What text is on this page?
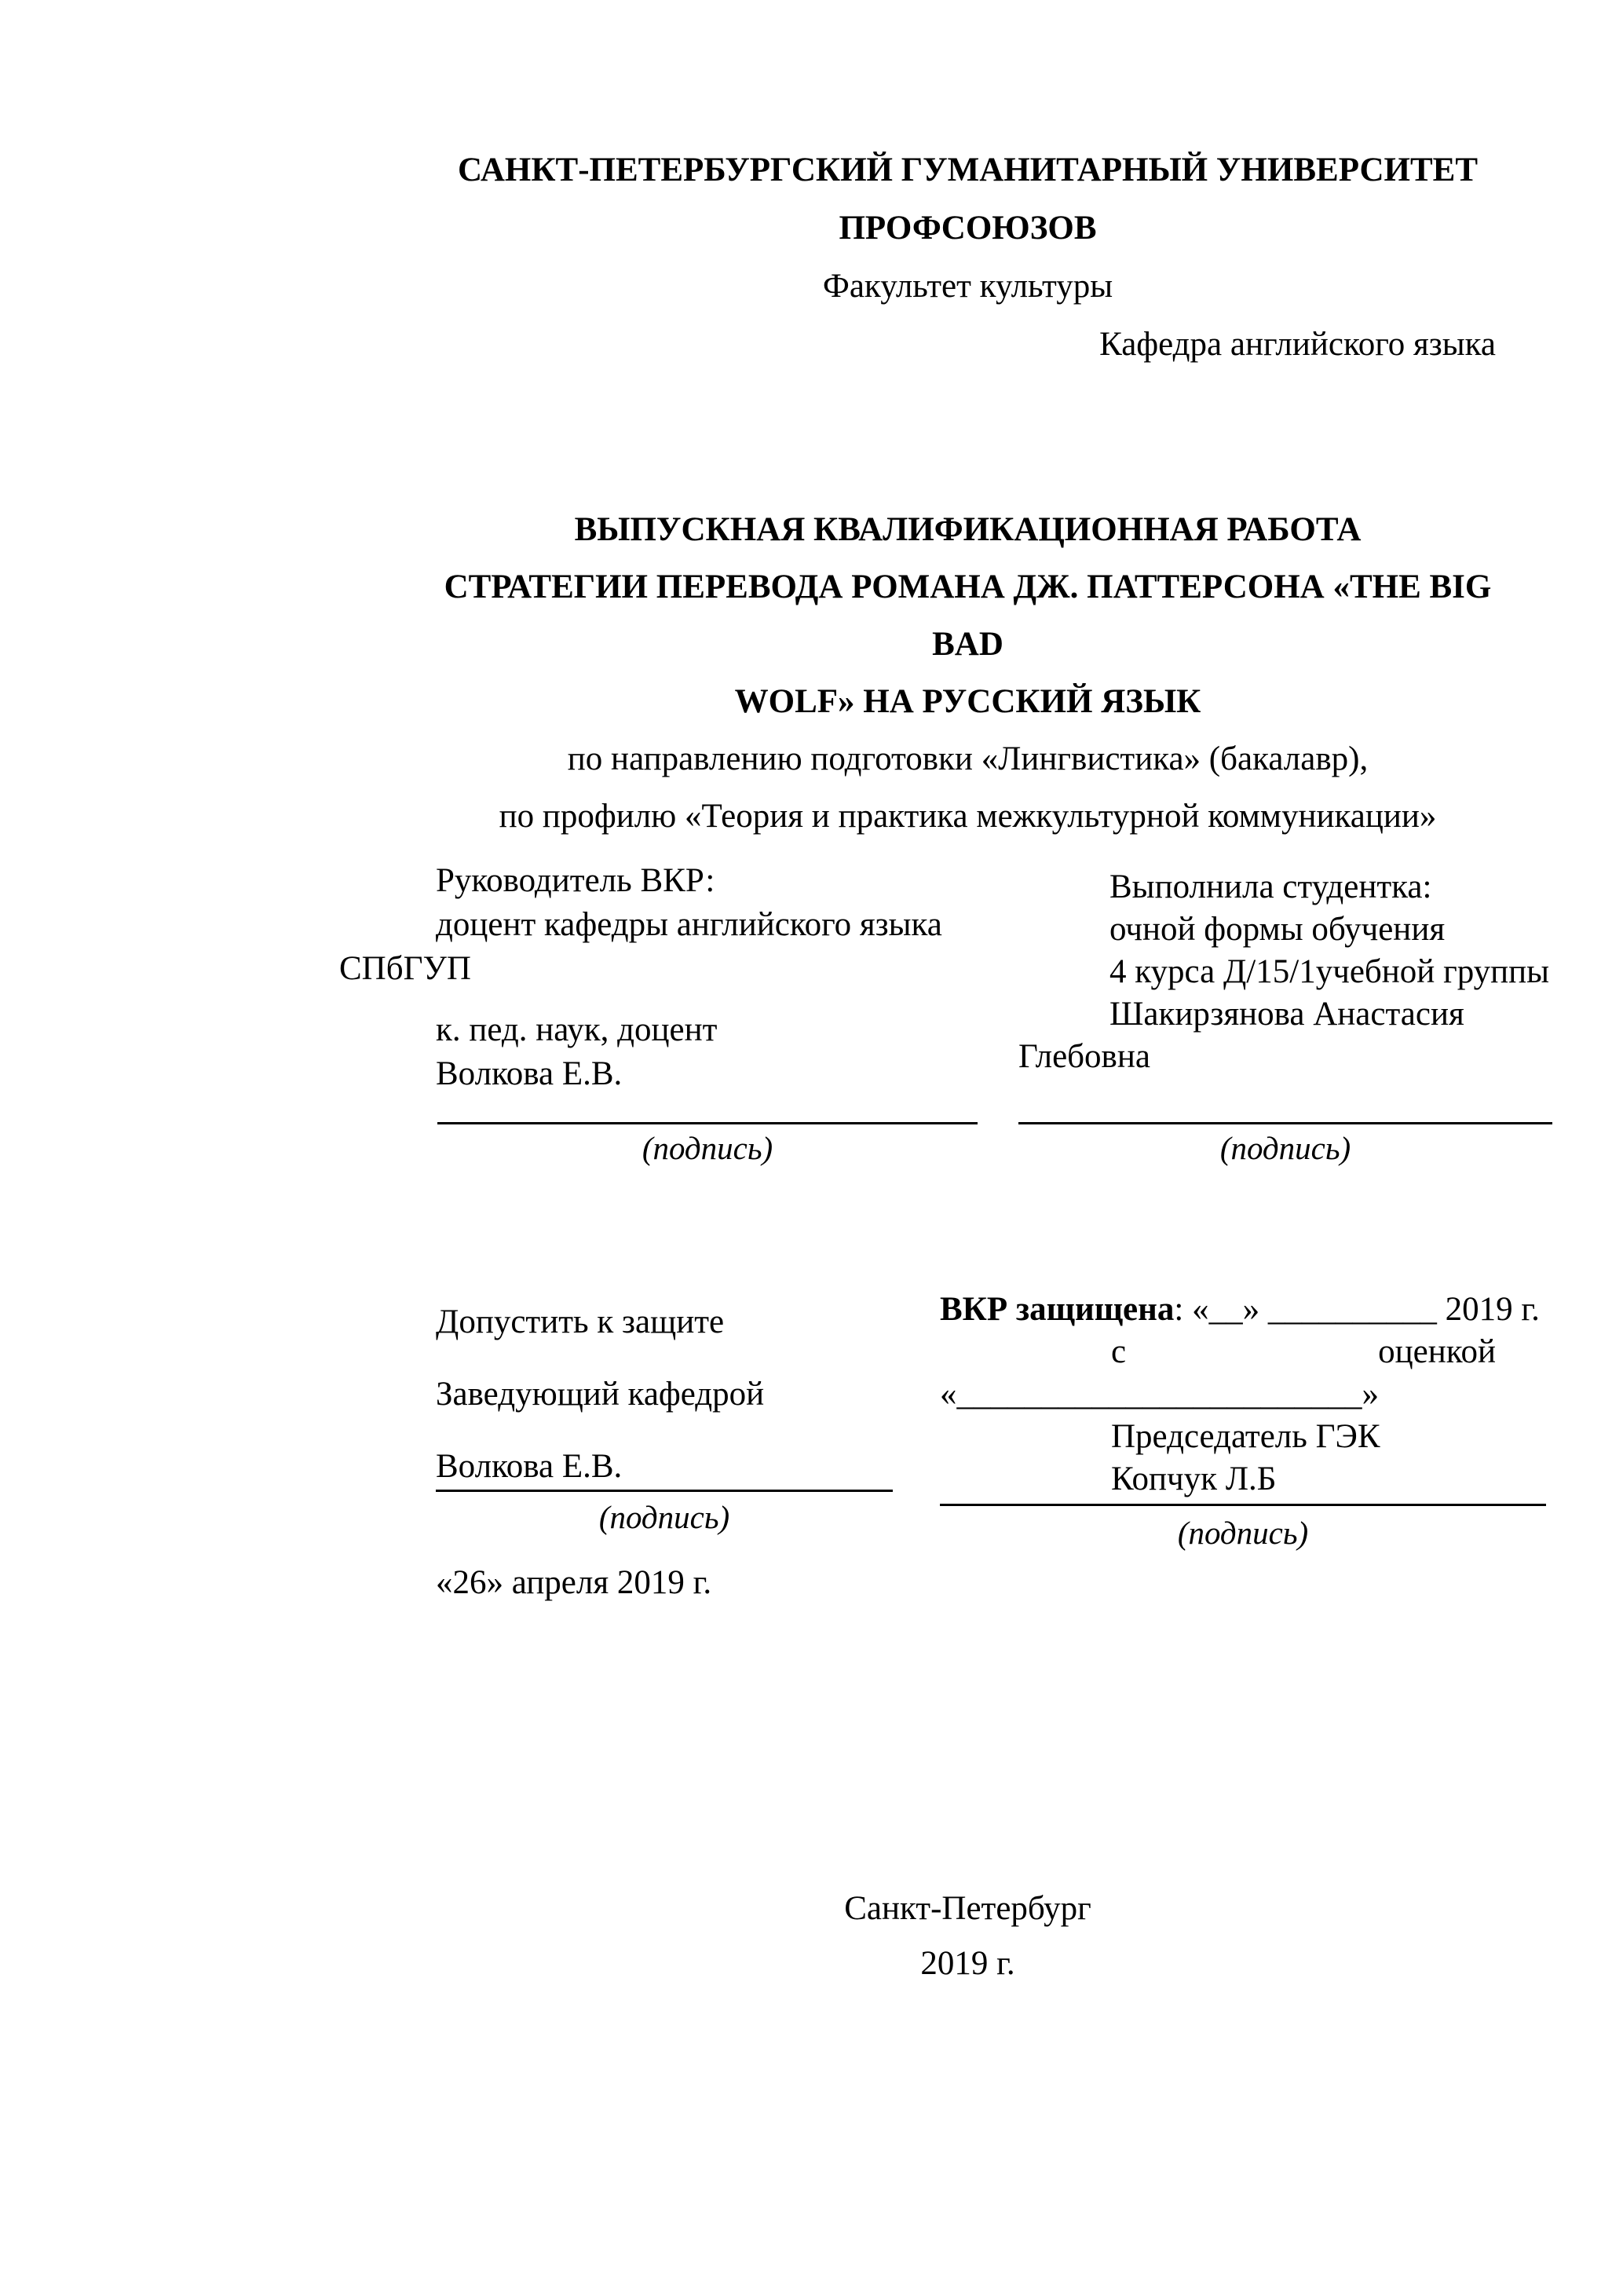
САНКТ-ПЕТЕРБУРГСКИЙ ГУМАНИТАРНЫЙ УНИВЕРСИТЕТ
ПРОФСОЮЗОВ
Факультет культуры
Кафедра английского языка
ВЫПУСКНАЯ КВАЛИФИКАЦИОННАЯ РАБОТА
СТРАТЕГИИ ПЕРЕВОДА РОМАНА ДЖ. ПАТТЕРСОНА «THE BIG BAD
WOLF» НА РУССКИЙ ЯЗЫК
по направлению подготовки «Лингвистика» (бакалавр),
по профилю «Теория и практика межкультурной коммуникации»
Руководитель ВКР:
доцент кафедры английского языка
СПбГУП
к. пед. наук, доцент
Волкова Е.В.
Выполнила студентка:
очной формы обучения
4 курса Д/15/1учебной группы
Шакирзянова Анастасия
Глебовна
(подпись)	(подпись)
Допустить к защите
Заведующий кафедрой
Волкова Е.В.
(подпись)
«26» апреля 2019 г.
ВКР защищена: «__» __________ 2019 г.
с	оценкой
«________________________»
Председатель ГЭК
Копчук Л.Б
(подпись)
Санкт-Петербург
2019 г.
